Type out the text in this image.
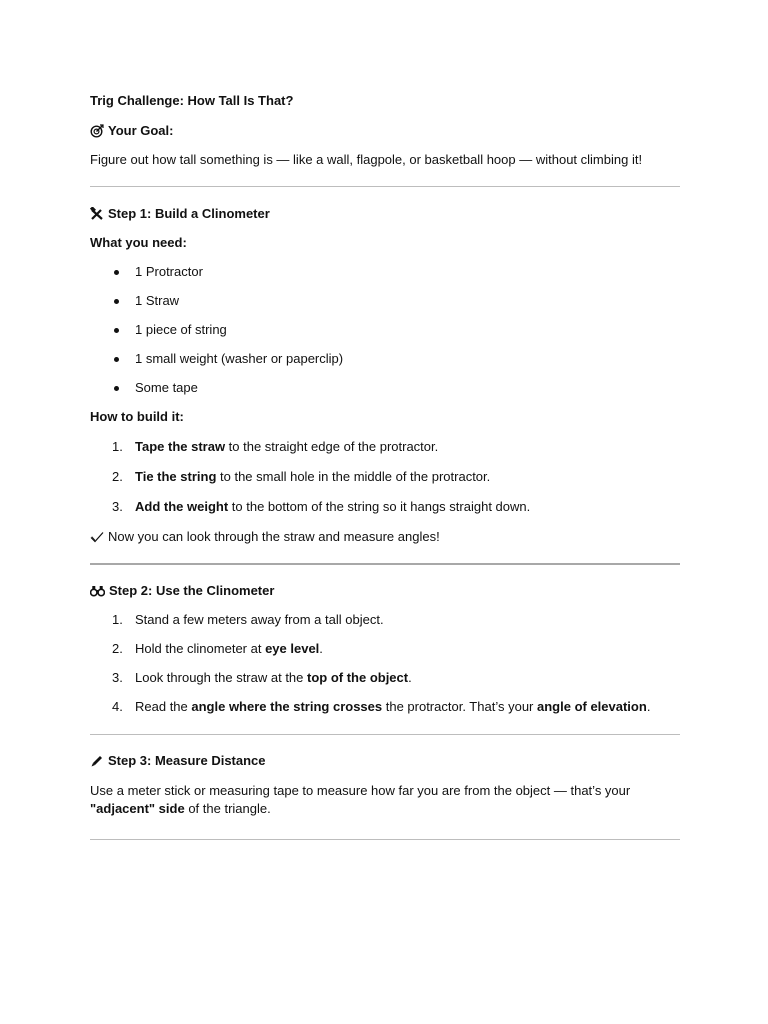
Trig Challenge: How Tall Is That?

Your Goal:

Figure out how tall something is — like a wall, flagpole, or basketball hoop — without climbing it!

Step 1: Build a Clinometer

What you need:

1 Protractor
1 Straw
1 piece of string
1 small weight (washer or paperclip)
Some tape

How to build it:

1. Tape the straw to the straight edge of the protractor.
2. Tie the string to the small hole in the middle of the protractor.
3. Add the weight to the bottom of the string so it hangs straight down.

Now you can look through the straw and measure angles!

Step 2: Use the Clinometer

1. Stand a few meters away from a tall object.
2. Hold the clinometer at eye level.
3. Look through the straw at the top of the object.
4. Read the angle where the string crosses the protractor. That’s your angle of elevation.

Step 3: Measure Distance

Use a meter stick or measuring tape to measure how far you are from the object — that’s your
"adjacent" side of the triangle.
